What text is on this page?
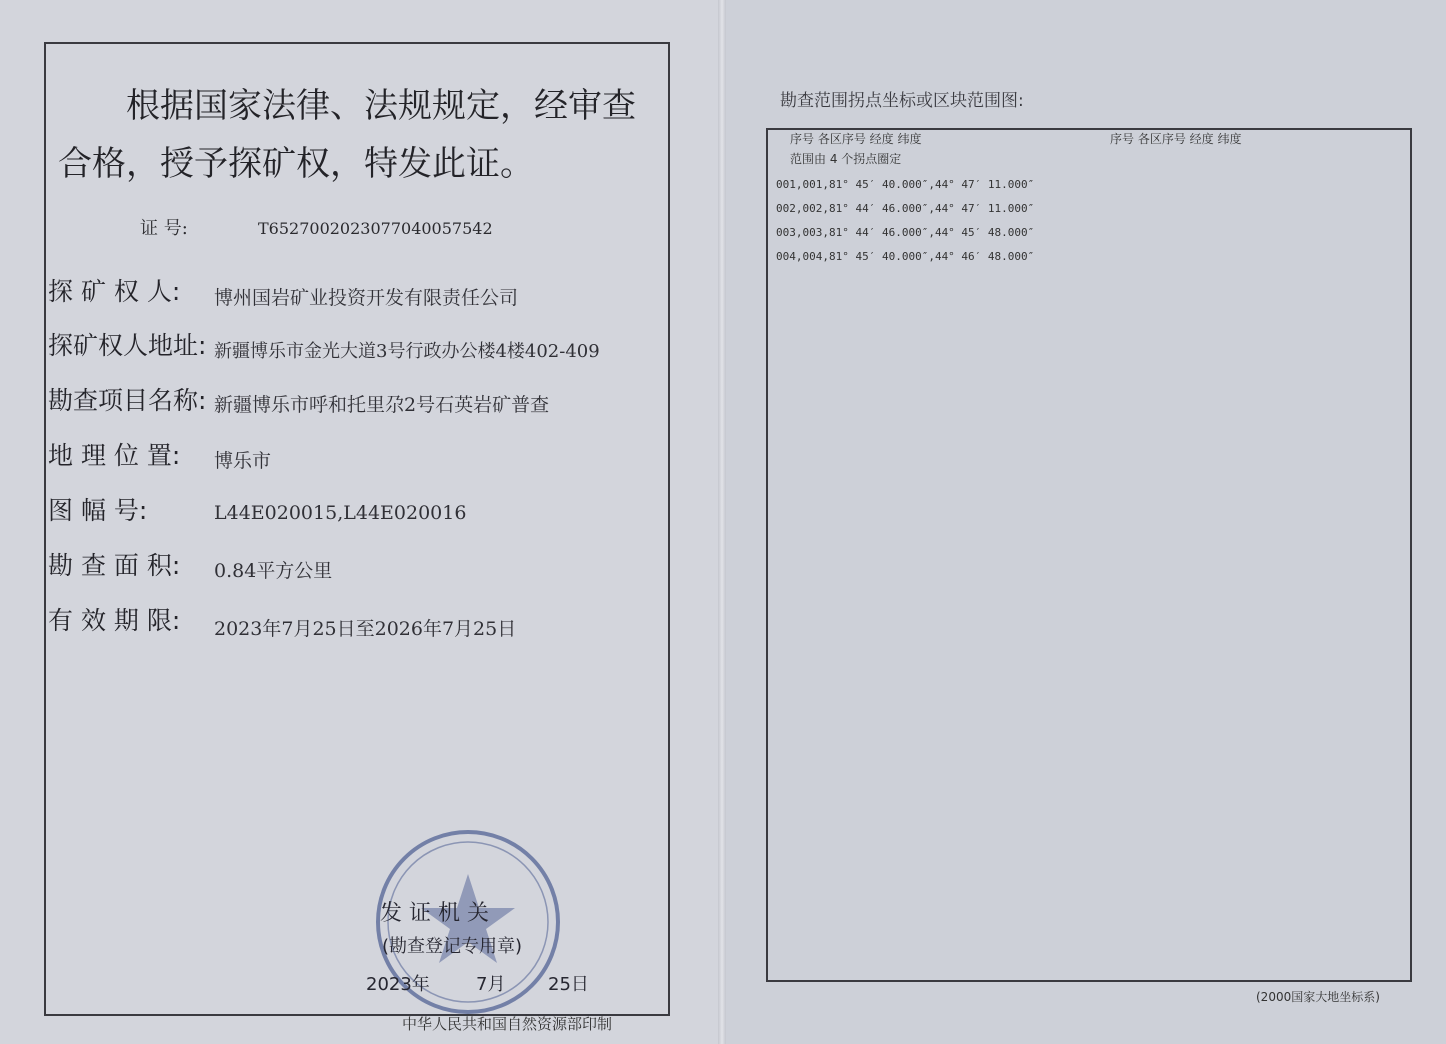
根据国家法律、法规规定，经审查
合格，授予探矿权，特发此证。
证 号:	T65270020230770400575​42
探 矿 权 人: 博州国岩矿业投资开发有限责任公司
探矿权人地址: 新疆博乐市金光大道3号行政办公楼4楼402-409
勘查项目名称: 新疆博乐市呼和托里尕2号石英岩矿普查
地 理 位 置: 博乐市
图 幅 号:	L44E020015,L44E020016
勘 查 面 积: 0.84平方公里
有 效 期 限: 2023年7月25日至2026年7月25日
发 证 机 关
(勘查登记专用章)
2023年	7月 25日
中华人民共和国自然资源部印制
勘查范围拐点坐标或区块范围图:
序号 各区序号 经度 纬度	序号 各区序号 经度 纬度
范围由 4 个拐点圈定
001,001,81° 45′ 40.000″,44° 47′ 11.000″
002,002,81° 44′ 46.000″,44° 47′ 11.000″
003,003,81° 44′ 46.000″,44° 45′ 48.000″
004,004,81° 45′ 40.000″,44° 46′ 48.000″
(2000国家大地坐标系)
